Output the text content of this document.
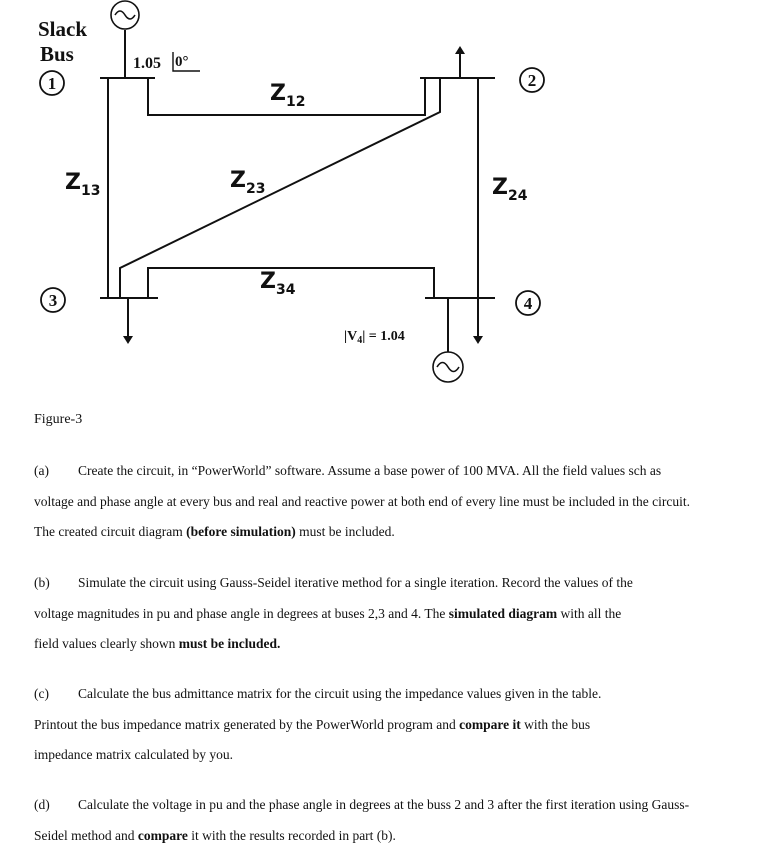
1	2
3	4
Slack
Bus	1.05 0°
$Z_{12}$
$Z_{13}$	$Z_{23}$	$Z_{24}$
$Z_{34}$
$|V_4| = 1.04$
Figure-3

(a) Create the circuit, in “PowerWorld” software. Assume a base power of 100 MVA. All the field values sch as
voltage and phase angle at every bus and real and reactive power at both end of every line must be included in the circuit.
The created circuit diagram (before simulation) must be included.

(b) Simulate the circuit using Gauss-Seidel iterative method for a single iteration. Record the values of the
voltage magnitudes in pu and phase angle in degrees at buses 2,3 and 4. The simulated diagram with all the
field values clearly shown must be included.

(c) Calculate the bus admittance matrix for the circuit using the impedance values given in the table.
Printout the bus impedance matrix generated by the PowerWorld program and compare it with the bus
impedance matrix calculated by you.

(d) Calculate the voltage in pu and the phase angle in degrees at the buss 2 and 3 after the first iteration using Gauss-
Seidel method and compare it with the results recorded in part (b).
